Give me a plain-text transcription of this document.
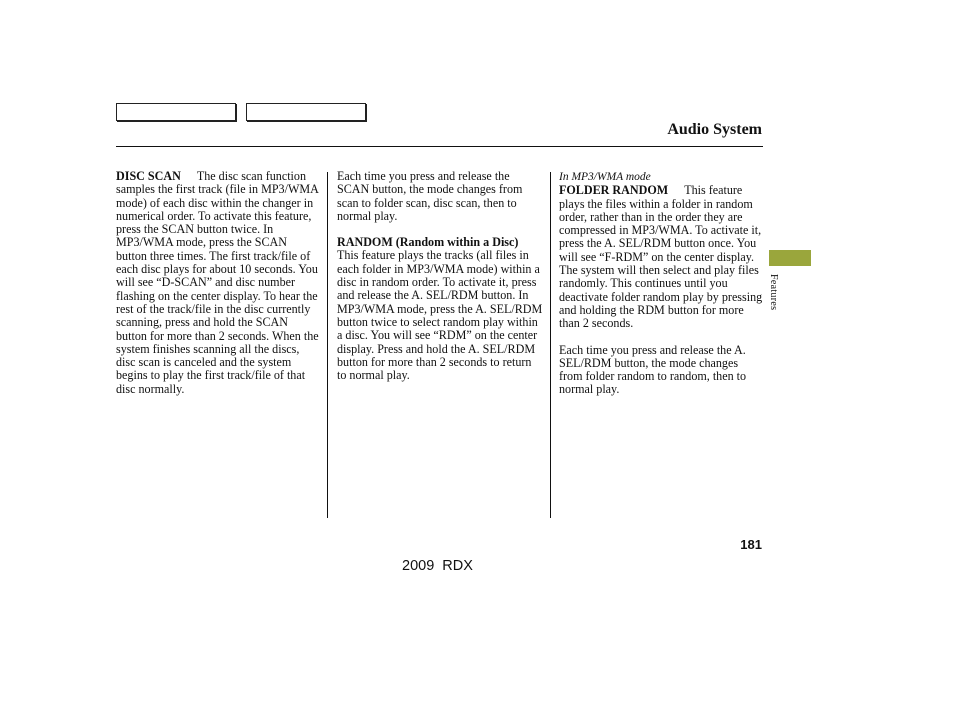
Audio System

DISC SCAN The disc scan function samples the first track (file in MP3/WMA mode) of each disc within the changer in numerical order. To activate this feature, press the SCAN button twice. In MP3/WMA mode, press the SCAN button three times. The first track/file of each disc plays for about 10 seconds. You will see “D-SCAN” and disc number flashing on the center display. To hear the rest of the track/file in the disc currently scanning, press and hold the SCAN button for more than 2 seconds. When the system finishes scanning all the discs, disc scan is canceled and the system begins to play the first track/file of that disc normally.

Each time you press and release the SCAN button, the mode changes from scan to folder scan, disc scan, then to normal play.

RANDOM (Random within a Disc)This feature plays the tracks (all files in each folder in MP3/WMA mode) within a disc in random order. To activate it, press and release the A. SEL/RDM button. In MP3/WMA mode, press the A. SEL/RDM button twice to select random play within a disc. You will see “RDM” on the center display. Press and hold the A. SEL/RDM button for more than 2 seconds to return to normal play.

In MP3/WMA mode
FOLDER RANDOM This feature plays the files within a folder in random order, rather than in the order they are compressed in MP3/WMA. To activate it, press the A. SEL/RDM button once. You will see “F-RDM” on the center display. The system will then select and play files randomly. This continues until you deactivate folder random play by pressing and holding the RDM button for more than 2 seconds.

Each time you press and release the A. SEL/RDM button, the mode changes from folder random to random, then to normal play.

Features
181
2009 RDX
